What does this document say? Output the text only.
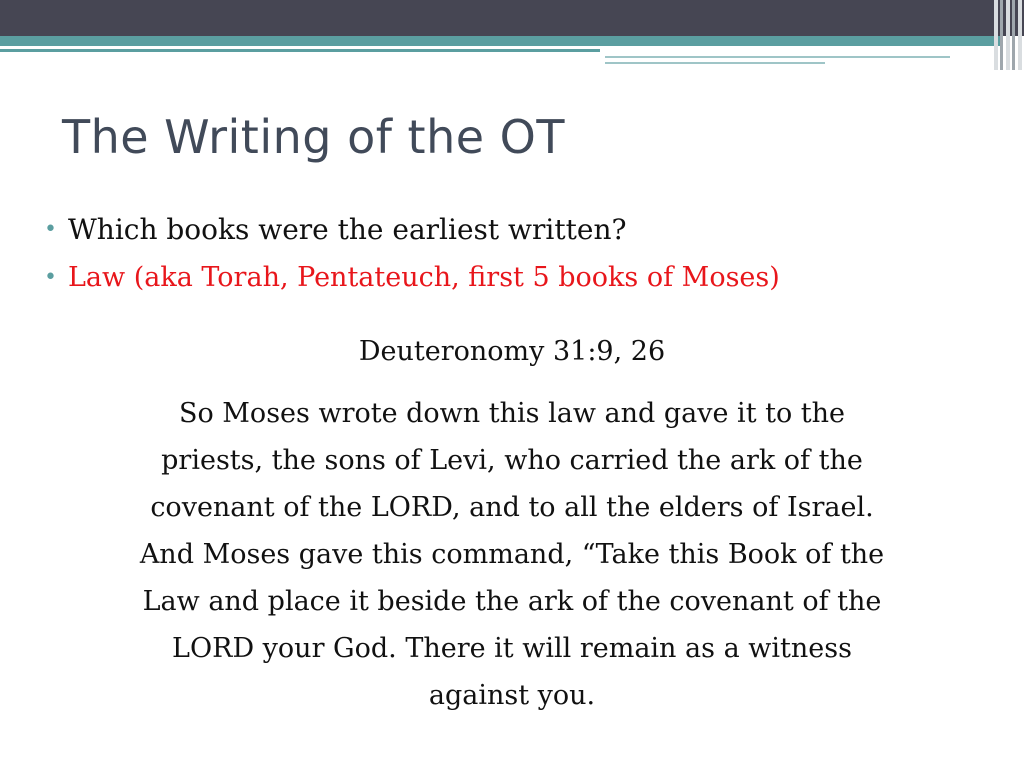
The Writing of the OT
• Which books were the earliest written?
• Law (aka Torah, Pentateuch, first 5 books of Moses)

Deuteronomy 31:9, 26

So Moses wrote down this law and gave it to the
priests, the sons of Levi, who carried the ark of the
covenant of the LORD, and to all the elders of Israel.
And Moses gave this command, “Take this Book of the
Law and place it beside the ark of the covenant of the
LORD your God. There it will remain as a witness
against you.
